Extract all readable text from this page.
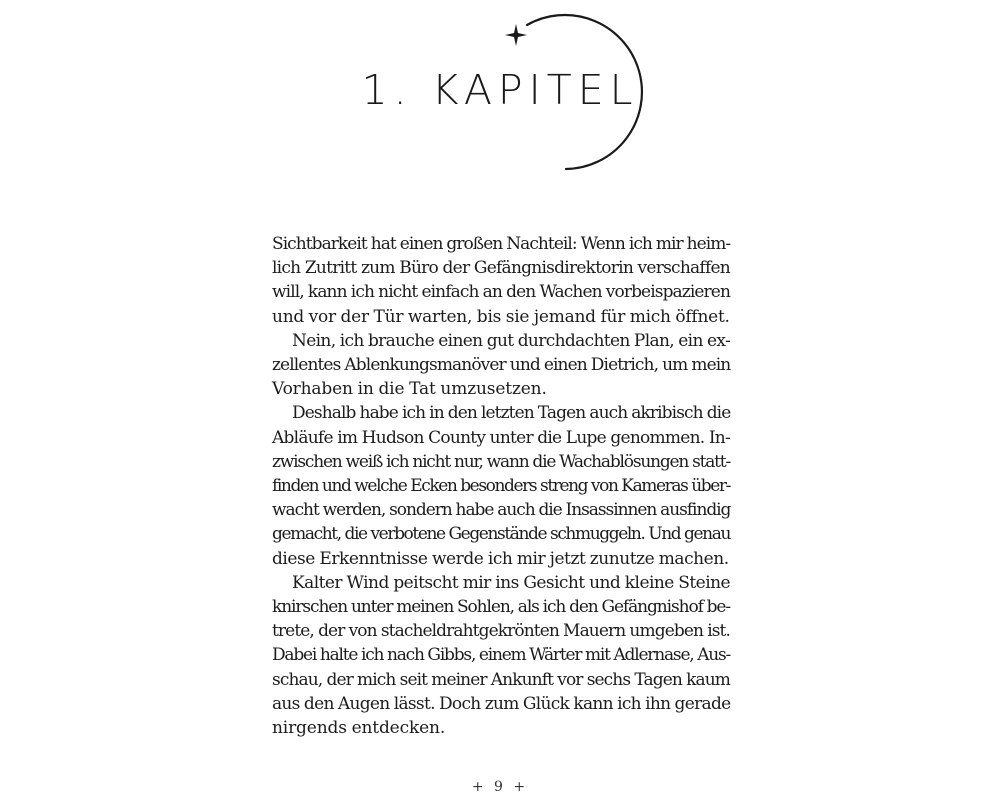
1. KAPITEL

Sichtbarkeit hat einen großen Nachteil: Wenn ich mir heim-
lich Zutritt zum Büro der Gefängnisdirektorin verschaffen
will, kann ich nicht einfach an den Wachen vorbeispazieren
und vor der Tür warten, bis sie jemand für mich öffnet.

Nein, ich brauche einen gut durchdachten Plan, ein ex-
zellentes Ablenkungsmanöver und einen Dietrich, um mein
Vorhaben in die Tat umzusetzen.

Deshalb habe ich in den letzten Tagen auch akribisch die
Abläufe im Hudson County unter die Lupe genommen. In-
zwischen weiß ich nicht nur, wann die Wachablösungen statt-
finden und welche Ecken besonders streng von Kameras über-
wacht werden, sondern habe auch die Insassinnen ausfindig
gemacht, die verbotene Gegenstände schmuggeln. Und genau
diese Erkenntnisse werde ich mir jetzt zunutze machen.

Kalter Wind peitscht mir ins Gesicht und kleine Steine
knirschen unter meinen Sohlen, als ich den Gefängnishof be-
trete, der von stacheldrahtgekrönten Mauern umgeben ist.
Dabei halte ich nach Gibbs, einem Wärter mit Adlernase, Aus-
schau, der mich seit meiner Ankunft vor sechs Tagen kaum
aus den Augen lässt. Doch zum Glück kann ich ihn gerade
nirgends entdecken.

+ 9 +
